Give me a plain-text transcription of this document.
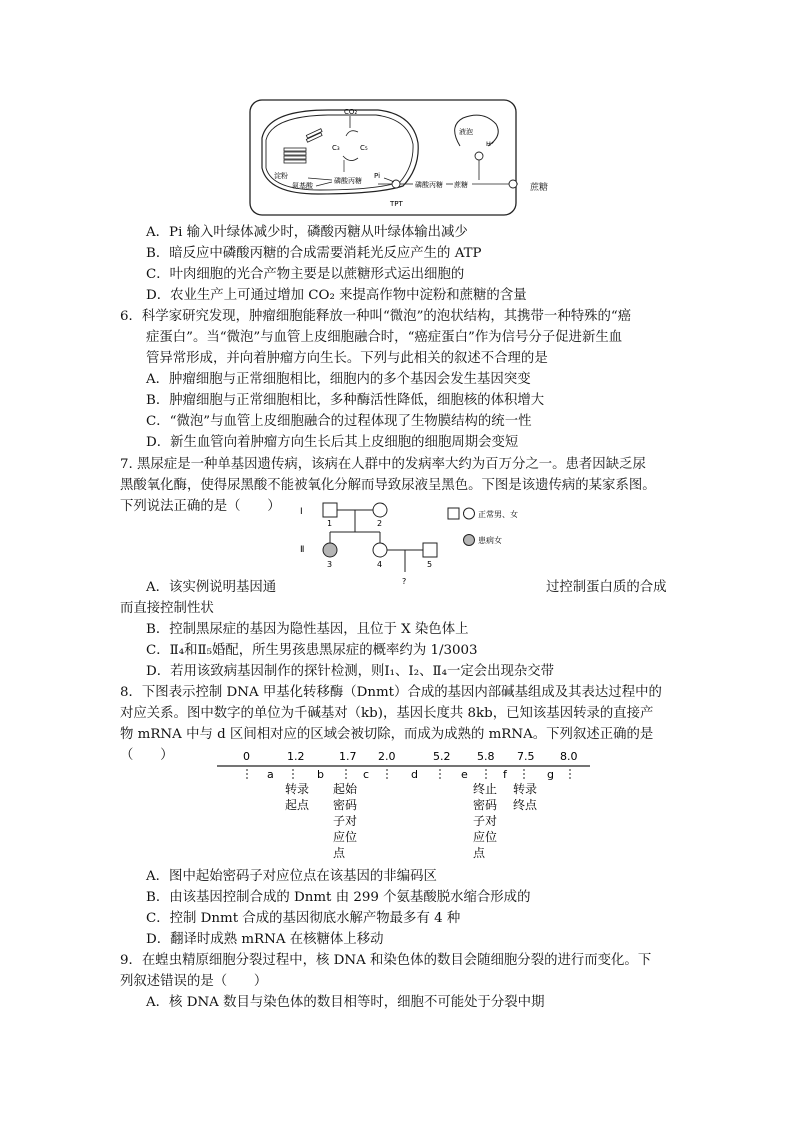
CO₂
C₃	C₅
淀粉
氨基酸
磷酸丙糖
Pi
TPT
磷酸丙糖 蔗糖
液泡
H⁺
蔗糖
A．Pi 输入叶绿体减少时，磷酸丙糖从叶绿体输出减少
B．暗反应中磷酸丙糖的合成需要消耗光反应产生的 ATP
C．叶肉细胞的光合产物主要是以蔗糖形式运出细胞的
D．农业生产上可通过增加 CO₂ 来提高作物中淀粉和蔗糖的含量
6．科学家研究发现，肿瘤细胞能释放一种叫“微泡”的泡状结构，其携带一种特殊的“癌
症蛋白”。当“微泡”与血管上皮细胞融合时，“癌症蛋白”作为信号分子促进新生血
管异常形成，并向着肿瘤方向生长。下列与此相关的叙述不合理的是
A．肿瘤细胞与正常细胞相比，细胞内的多个基因会发生基因突变
B．肿瘤细胞与正常细胞相比，多种酶活性降低，细胞核的体积增大
C．“微泡”与血管上皮细胞融合的过程体现了生物膜结构的统一性
D．新生血管向着肿瘤方向生长后其上皮细胞的细胞周期会变短
7. 黑尿症是一种单基因遗传病，该病在人群中的发病率大约为百万分之一。患者因缺乏尿
黑酸氧化酶，使得尿黑酸不能被氧化分解而导致尿液呈黑色。下图是该遗传病的某家系图。
下列说法正确的是（　　） I
Ⅱ
1	2
3	4	5
?
正常男、女
患病女
A．该实例说明基因通	过控制蛋白质的合成
而直接控制性状
B．控制黑尿症的基因为隐性基因，且位于 X 染色体上
C．Ⅱ₄和Ⅱ₅婚配，所生男孩患黑尿症的概率约为 1/3003
D．若用该致病基因制作的探针检测，则Ⅰ₁、Ⅰ₂、Ⅱ₄一定会出现杂交带
8．下图表示控制 DNA 甲基化转移酶（Dnmt）合成的基因内部碱基组成及其表达过程中的
对应关系。图中数字的单位为千碱基对（kb)，基因长度共 8kb，已知该基因转录的直接产
物 mRNA 中与 d 区间相对应的区域会被切除，而成为成熟的 mRNA。下列叙述正确的是
（　　）	0	1.2	1.7 2.0	5.2 5.8 7.5 8.0
a	b	c	d	e	f	g
转录
起点
起始
密码
子对
应位
点
终止
密码
子对
应位
点
转录
终点
A．图中起始密码子对应位点在该基因的非编码区
B．由该基因控制合成的 Dnmt 由 299 个氨基酸脱水缩合形成的
C．控制 Dnmt 合成的基因彻底水解产物最多有 4 种
D．翻译时成熟 mRNA 在核糖体上移动
9．在蝗虫精原细胞分裂过程中，核 DNA 和染色体的数目会随细胞分裂的进行而变化。下
列叙述错误的是（　　）
A．核 DNA 数目与染色体的数目相等时，细胞不可能处于分裂中期
